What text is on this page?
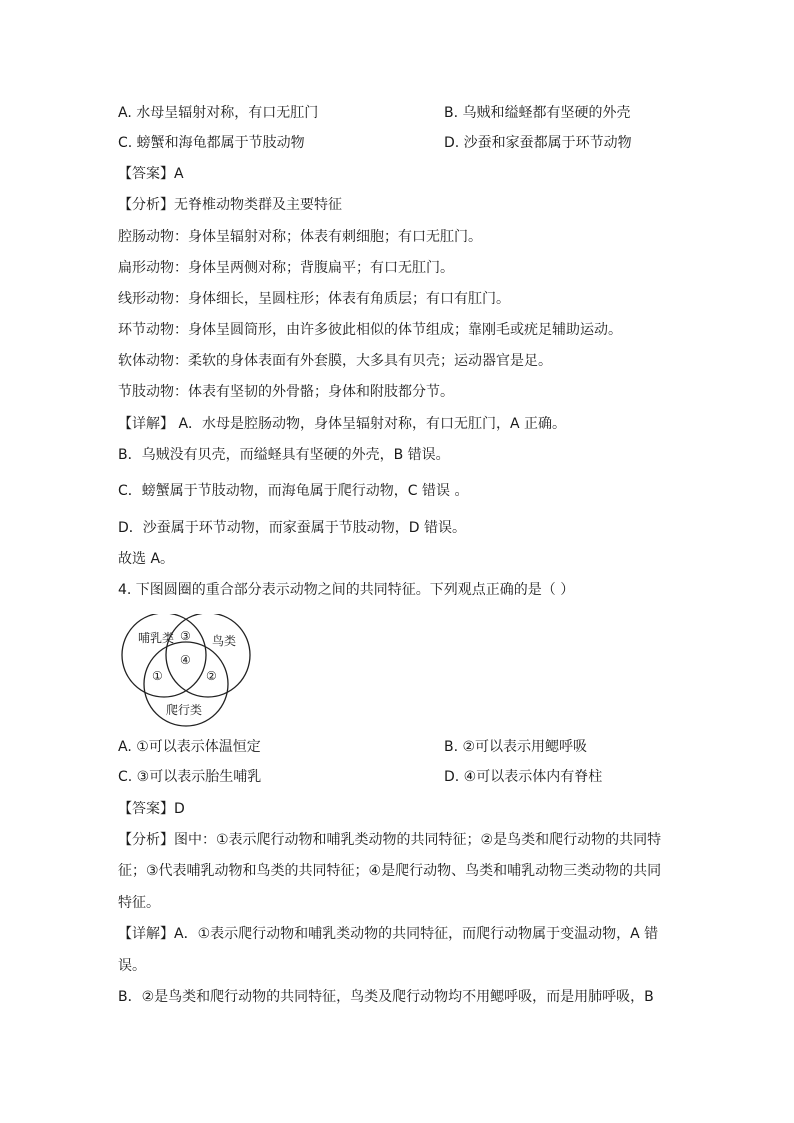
A. 水母呈辐射对称，有口无肛门	B. 乌贼和缢蛏都有坚硬的外壳
C. 螃蟹和海龟都属于节肢动物	D. 沙蚕和家蚕都属于环节动物
【答案】A
【分析】无脊椎动物类群及主要特征
腔肠动物：身体呈辐射对称；体表有刺细胞；有口无肛门。
扁形动物：身体呈两侧对称；背腹扁平；有口无肛门。
线形动物：身体细长，呈圆柱形；体表有角质层；有口有肛门。
环节动物：身体呈圆筒形，由许多彼此相似的体节组成；靠刚毛或疣足辅助运动。
软体动物：柔软的身体表面有外套膜，大多具有贝壳；运动器官是足。
节肢动物：体表有坚韧的外骨骼；身体和附肢都分节。
【详解】 A．水母是腔肠动物，身体呈辐射对称，有口无肛门，A 正确。
B．乌贼没有贝壳，而缢蛏具有坚硬的外壳，B 错误。
C．螃蟹属于节肢动物，而海龟属于爬行动物，C 错误 。
D．沙蚕属于环节动物，而家蚕属于节肢动物，D 错误。
故选 A。
4. 下图圆圈的重合部分表示动物之间的共同特征。下列观点正确的是（ ）
哺乳类	鸟类
爬行类
③
④
①	②
A. ①可以表示体温恒定	B. ②可以表示用鳃呼吸
C. ③可以表示胎生哺乳	D. ④可以表示体内有脊柱
【答案】D
【分析】图中：①表示爬行动物和哺乳类动物的共同特征；②是鸟类和爬行动物的共同特
征；③代表哺乳动物和鸟类的共同特征；④是爬行动物、鸟类和哺乳动物三类动物的共同
特征。
【详解】A．①表示爬行动物和哺乳类动物的共同特征，而爬行动物属于变温动物，A 错
误。
B．②是鸟类和爬行动物的共同特征，鸟类及爬行动物均不用鳃呼吸，而是用肺呼吸，B
